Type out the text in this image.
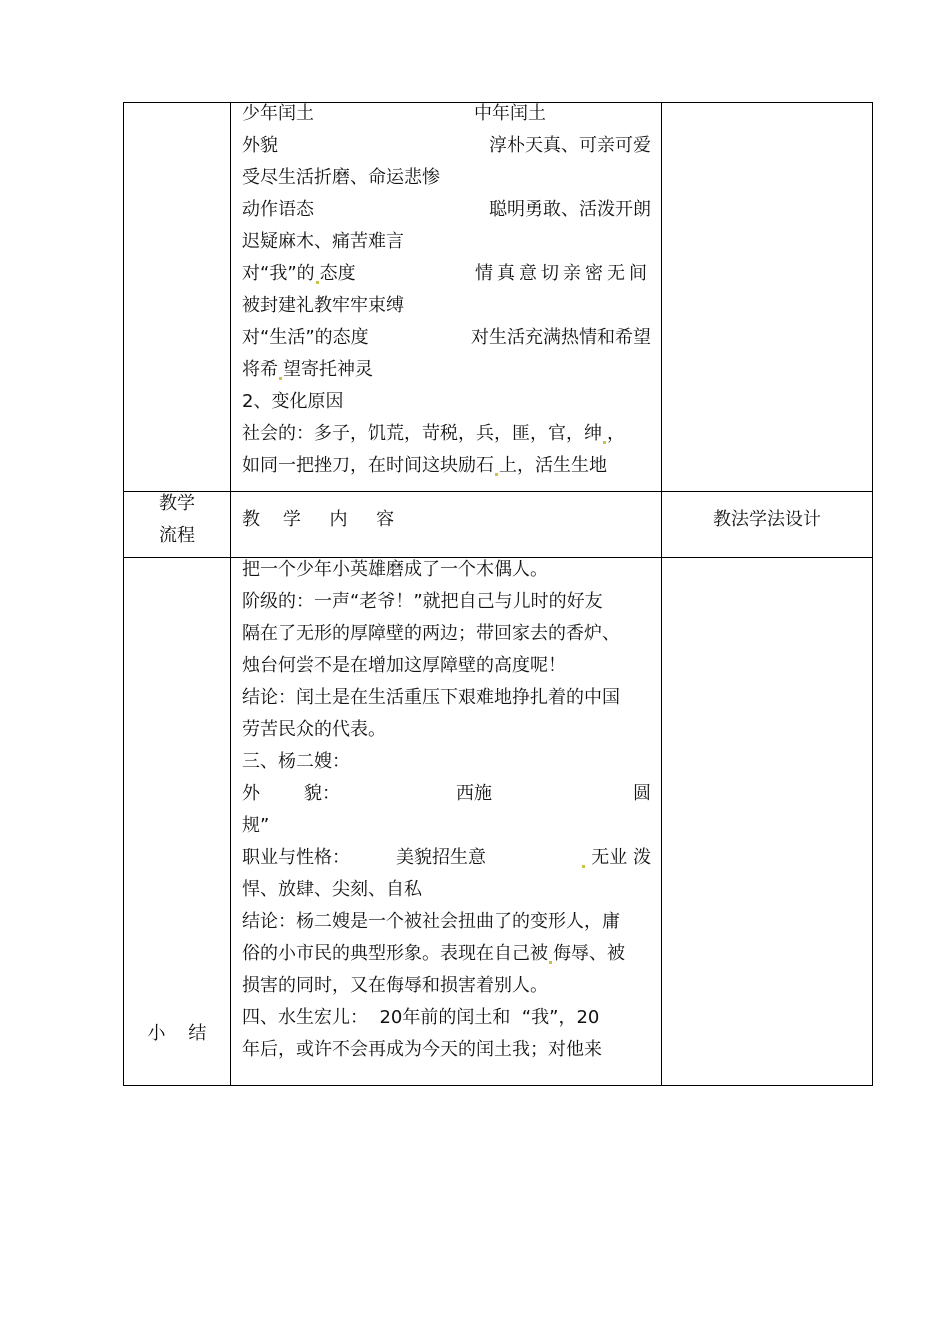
少年闰土	中年闰土
外貌	淳朴天真、可亲可爱
受尽生活折磨、命运悲惨
动作语态	聪明勇敢、活泼开朗
迟疑麻木、痛苦难言
对“我”的 态度	情真意切亲密无间
被封建礼教牢牢束缚
对“生活”的态度	对生活充满热情和希望
将希 望寄托神灵
2、变化原因
社会的：多子，饥荒，苛税，兵，匪，官，绅 ，
如同一把挫刀，在时间这块励石 上，活生生地
教学
流程
教    学     内     容	教法学法设计
把一个少年小英雄磨成了一个木偶人。
阶级的：一声“老爷！”就把自己与儿时的好友
隔在了无形的厚障壁的两边；带回家去的香炉、
烛台何尝不是在增加这厚障壁的高度呢！
结论：闰土是在生活重压下艰难地挣扎着的中国
劳苦民众的代表。
三、杨二嫂：
外 貌：	西施	圆
规”
职业与性格：	美貌招生意	无业 泼
悍、放肆、尖刻、自私
结论：杨二嫂是一个被社会扭曲了的变形人，庸
俗的小市民的典型形象。表现在自己被 侮辱、被
损害的同时，又在侮辱和损害着别人。
四、水生宏儿：  20年前的闰土和  “我”，20
年后，或许不会再成为今天的闰土我；对他来
小    结
